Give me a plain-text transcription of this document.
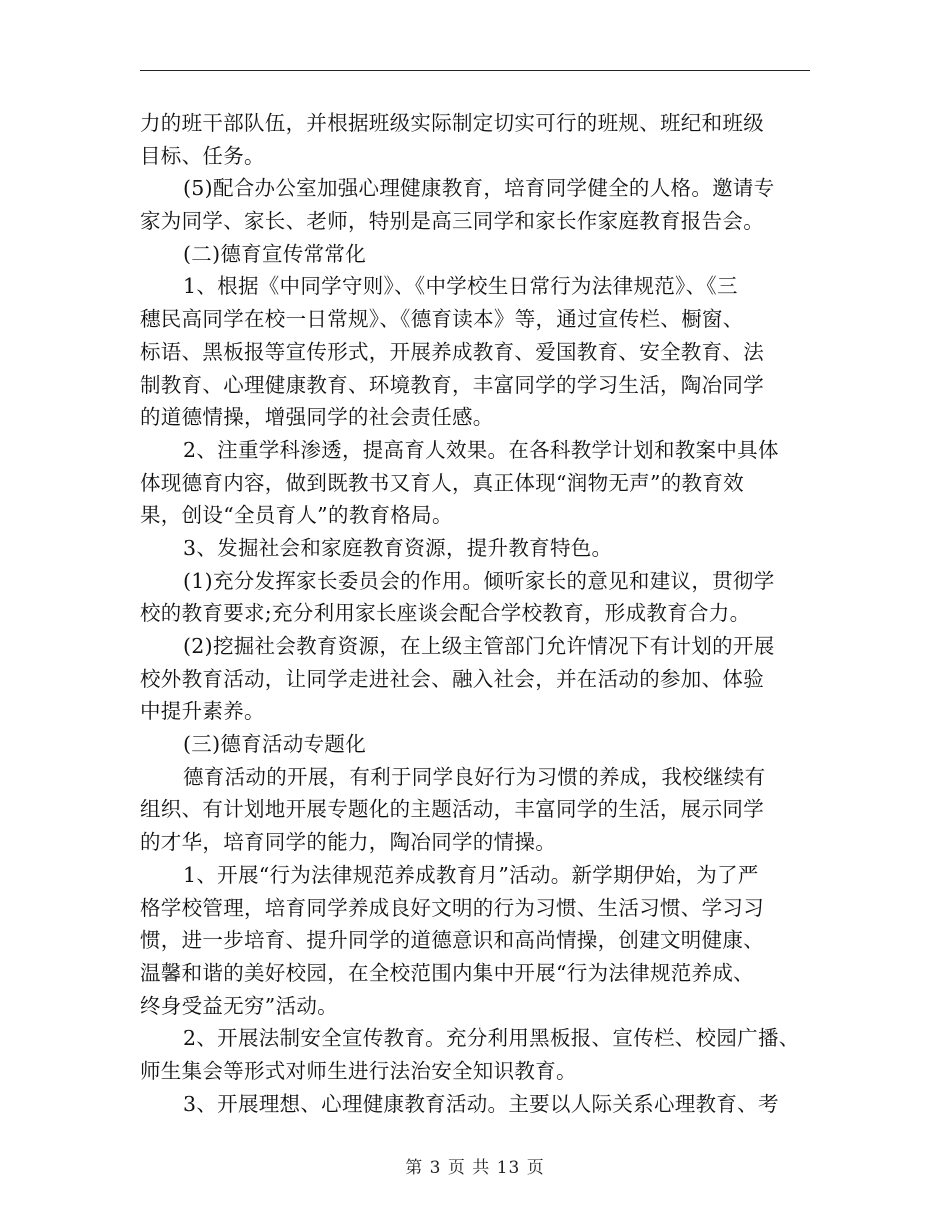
力的班干部队伍，并根据班级实际制定切实可行的班规、班纪和班级
目标、任务。
(5)配合办公室加强心理健康教育，培育同学健全的人格。邀请专
家为同学、家长、老师，特别是高三同学和家长作家庭教育报告会。
(二)德育宣传常常化
1、根据《中同学守则》、《中学校生日常行为法律规范》、《三
穗民高同学在校一日常规》、《德育读本》等，通过宣传栏、橱窗、
标语、黑板报等宣传形式，开展养成教育、爱国教育、安全教育、法
制教育、心理健康教育、环境教育，丰富同学的学习生活，陶冶同学
的道德情操，增强同学的社会责任感。
2、注重学科渗透，提高育人效果。在各科教学计划和教案中具体
体现德育内容，做到既教书又育人，真正体现“润物无声”的教育效
果，创设“全员育人”的教育格局。
3、发掘社会和家庭教育资源，提升教育特色。
(1)充分发挥家长委员会的作用。倾听家长的意见和建议，贯彻学
校的教育要求;充分利用家长座谈会配合学校教育，形成教育合力。
(2)挖掘社会教育资源，在上级主管部门允许情况下有计划的开展
校外教育活动，让同学走进社会、融入社会，并在活动的参加、体验
中提升素养。
(三)德育活动专题化
德育活动的开展，有利于同学良好行为习惯的养成，我校继续有
组织、有计划地开展专题化的主题活动，丰富同学的生活，展示同学
的才华，培育同学的能力，陶冶同学的情操。
1、开展“行为法律规范养成教育月”活动。新学期伊始，为了严
格学校管理，培育同学养成良好文明的行为习惯、生活习惯、学习习
惯，进一步培育、提升同学的道德意识和高尚情操，创建文明健康、
温馨和谐的美好校园，在全校范围内集中开展“行为法律规范养成、
终身受益无穷”活动。
2、开展法制安全宣传教育。充分利用黑板报、宣传栏、校园广播、
师生集会等形式对师生进行法治安全知识教育。
3、开展理想、心理健康教育活动。主要以人际关系心理教育、考
第 3 页 共 13 页
